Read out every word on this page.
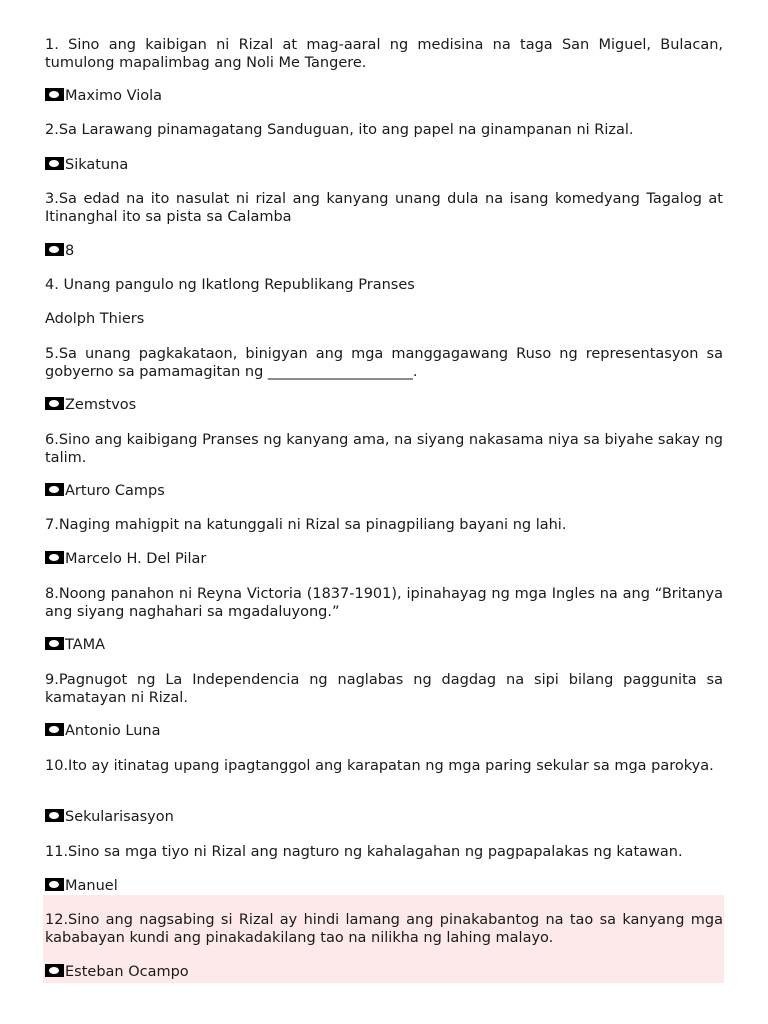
1. Sino ang kaibigan ni Rizal at mag-aaral ng medisina na taga San Miguel, Bulacan, tumulong mapalimbag ang Noli Me Tangere.

Maximo Viola

2.Sa Larawang pinamagatang Sanduguan, ito ang papel na ginampanan ni Rizal.

Sikatuna

3.Sa edad na ito nasulat ni rizal ang kanyang unang dula na isang komedyang Tagalog at Itinanghal ito sa pista sa Calamba

8

4. Unang pangulo ng Ikatlong Republikang Pranses

Adolph Thiers

5.Sa unang pagkakataon, binigyan ang mga manggagawang Ruso ng representasyon sa gobyerno sa pamamagitan ng ____________________.

Zemstvos

6.Sino ang kaibigang Pranses ng kanyang ama, na siyang nakasama niya sa biyahe sakay ng talim.

Arturo Camps

7.Naging mahigpit na katunggali ni Rizal sa pinagpiliang bayani ng lahi.

Marcelo H. Del Pilar

8.Noong panahon ni Reyna Victoria (1837-1901), ipinahayag ng mga Ingles na ang “Britanya ang siyang naghahari sa mgadaluyong.”

TAMA

9.Pagnugot ng La Independencia ng naglabas ng dagdag na sipi bilang paggunita sa kamatayan ni Rizal.

Antonio Luna

10.Ito ay itinatag upang ipagtanggol ang karapatan ng mga paring sekular sa mga parokya.

Sekularisasyon

11.Sino sa mga tiyo ni Rizal ang nagturo ng kahalagahan ng pagpapalakas ng katawan.

Manuel

12.Sino ang nagsabing si Rizal ay hindi lamang ang pinakabantog na tao sa kanyang mga kababayan kundi ang pinakadakilang tao na nilikha ng lahing malayo.

Esteban Ocampo
